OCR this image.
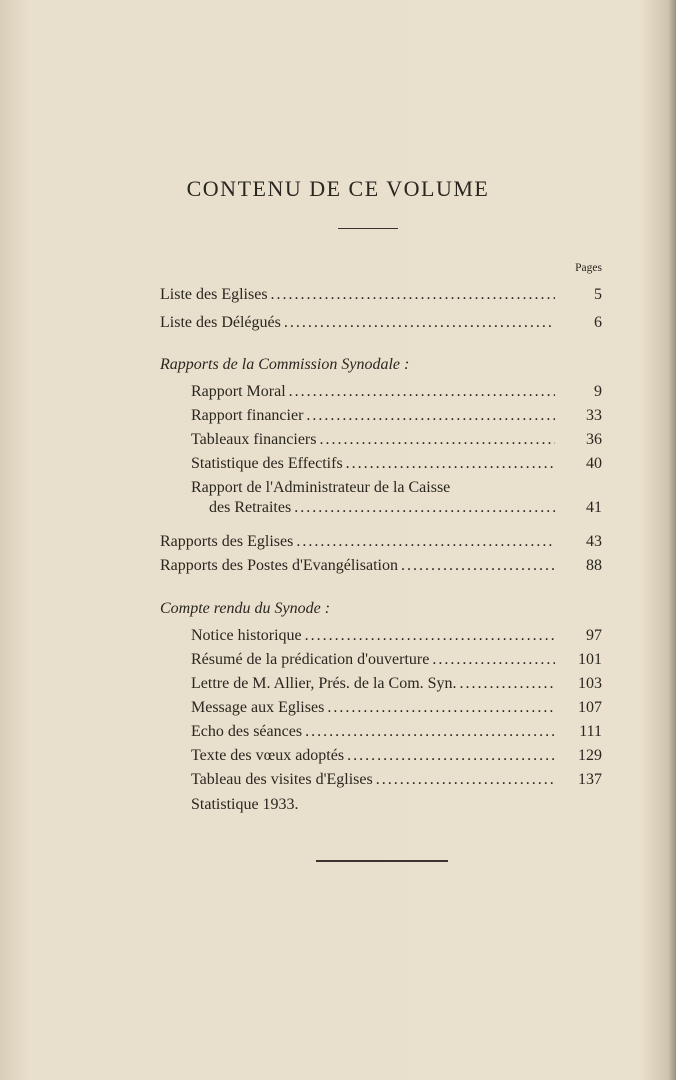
CONTENU DE CE VOLUME
Pages
Liste des Eglises . . .	5
Liste des Délégués . . .	6
Rapports de la Commission Synodale :
Rapport Moral . . .	9
Rapport financier . . .	33
Tableaux financiers . . .	36
Statistique des Effectifs . . .	40
Rapport de l'Administrateur de la Caisse
des Retraites . . .	41
Rapports des Eglises . . .	43
Rapports des Postes d'Evangélisation . . .	88
Compte rendu du Synode :
Notice historique . . .	97
Résumé de la prédication d'ouverture . . .	101
Lettre de M. Allier, Prés. de la Com. Syn. . . .	103
Message aux Eglises . . .	107
Echo des séances . . .	111
Texte des vœux adoptés . . .	129
Tableau des visites d'Eglises . . .	137
Statistique 1933.
